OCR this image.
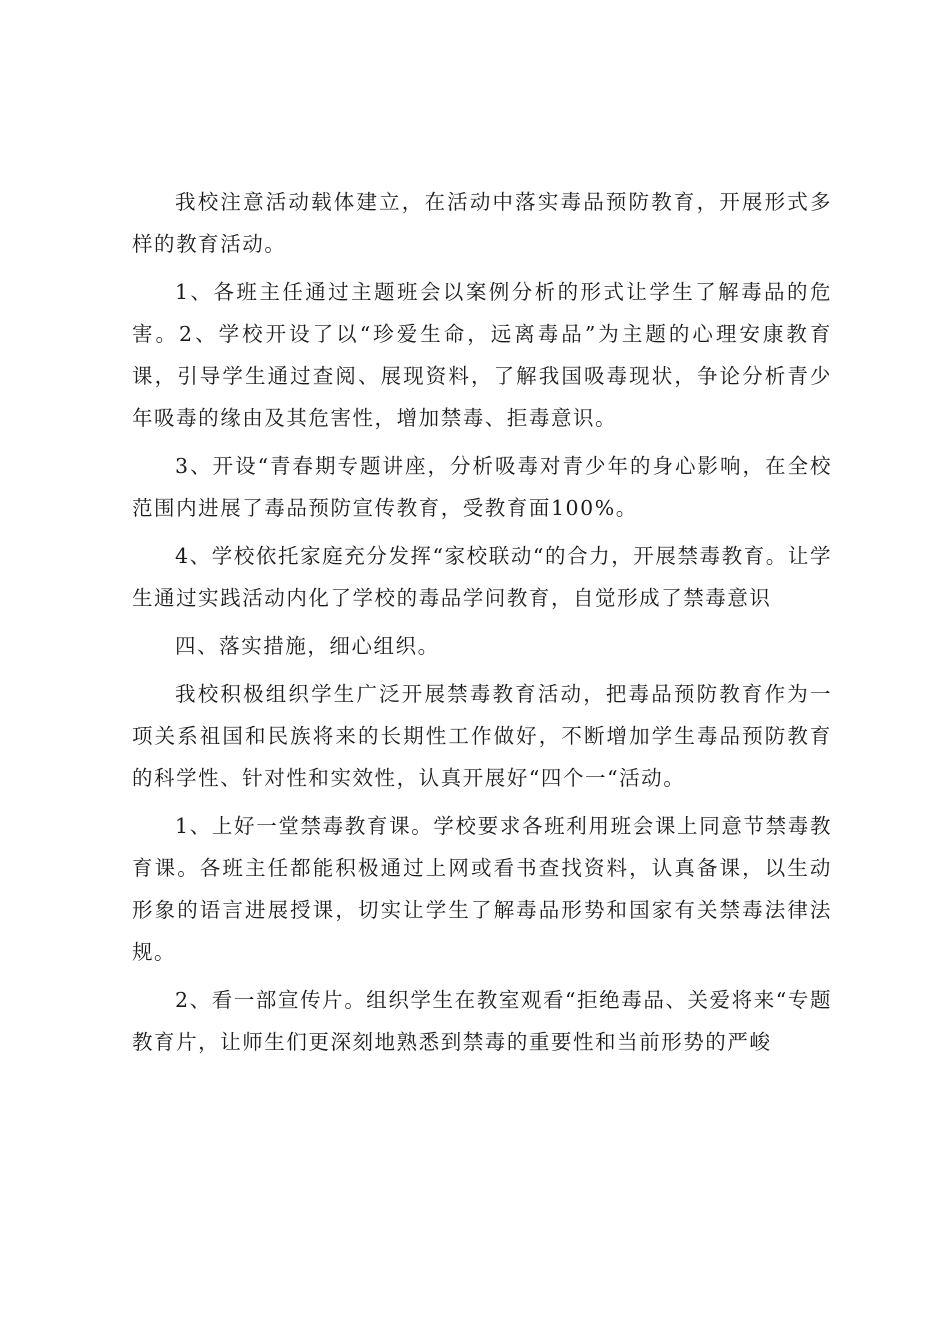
我校注意活动载体建立，在活动中落实毒品预防教育，开展形式多样的教育活动。

1、各班主任通过主题班会以案例分析的形式让学生了解毒品的危害。2、学校开设了以“珍爱生命，远离毒品”为主题的心理安康教育课，引导学生通过查阅、展现资料，了解我国吸毒现状，争论分析青少年吸毒的缘由及其危害性，增加禁毒、拒毒意识。

3、开设“青春期专题讲座，分析吸毒对青少年的身心影响，在全校范围内进展了毒品预防宣传教育，受教育面100%。

4、学校依托家庭充分发挥“家校联动“的合力，开展禁毒教育。让学生通过实践活动内化了学校的毒品学问教育，自觉形成了禁毒意识

四、落实措施，细心组织。

我校积极组织学生广泛开展禁毒教育活动，把毒品预防教育作为一项关系祖国和民族将来的长期性工作做好，不断增加学生毒品预防教育的科学性、针对性和实效性，认真开展好“四个一“活动。

1、上好一堂禁毒教育课。学校要求各班利用班会课上同意节禁毒教育课。各班主任都能积极通过上网或看书查找资料，认真备课，以生动形象的语言进展授课，切实让学生了解毒品形势和国家有关禁毒法律法规。

2、看一部宣传片。组织学生在教室观看“拒绝毒品、关爱将来“专题教育片，让师生们更深刻地熟悉到禁毒的重要性和当前形势的严峻
